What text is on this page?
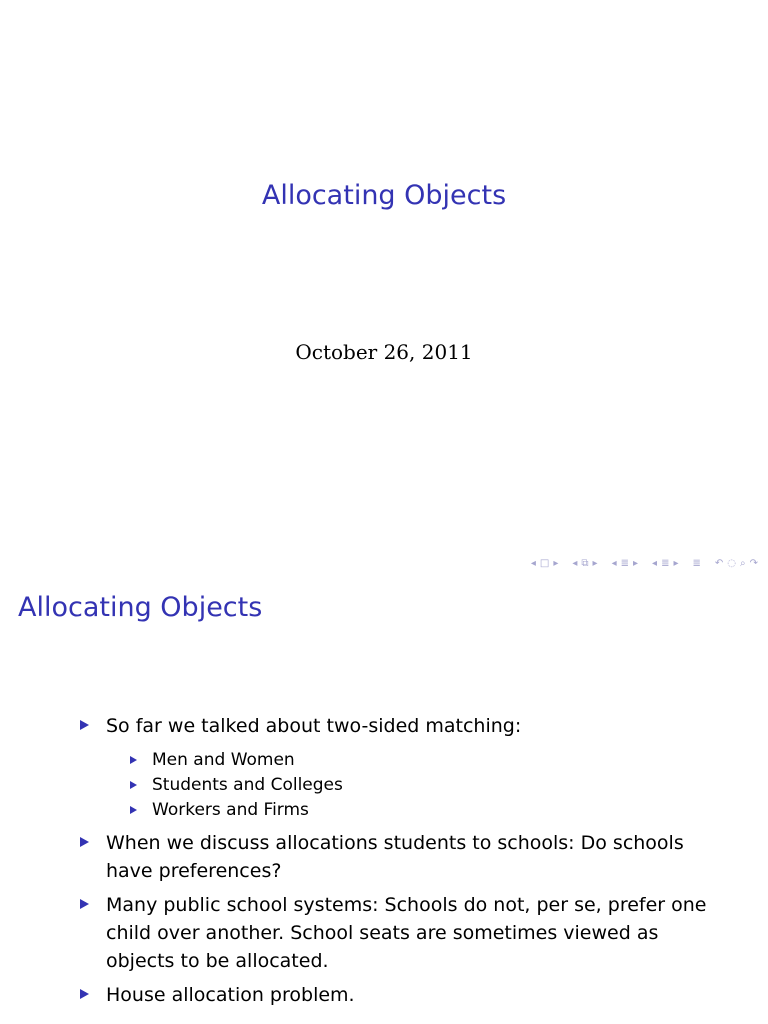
Allocating Objects
October 26, 2011
◂ □ ▸ ◂ ⧉ ▸ ◂ ≣ ▸ ◂ ≣ ▸ ≣ ↶ ◌ ⌕ ↷
Allocating Objects
So far we talked about two-sided matching:
Men and Women
Students and Colleges
Workers and Firms
When we discuss allocations students to schools: Do schools have preferences?
Many public school systems: Schools do not, per se, prefer one child over another. School seats are sometimes viewed as objects to be allocated.
House allocation problem.
